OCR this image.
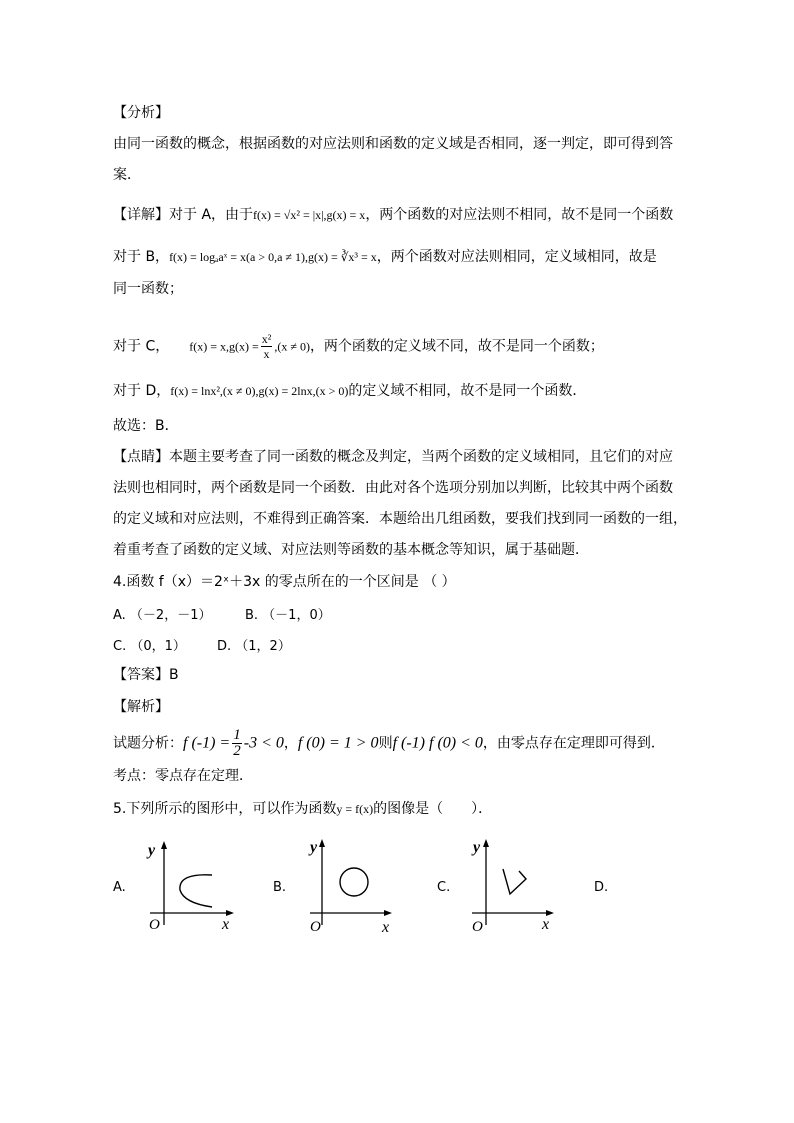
【分析】
由同一函数的概念，根据函数的对应法则和函数的定义域是否相同，逐一判定，即可得到答
案．
【详解】对于 A，由于f(x) = √x² = |x|,g(x) = x，两个函数的对应法则不相同，故不是同一个函数
对于 B，f(x) = logₐaˣ = x(a > 0,a ≠ 1),g(x) = ∛x³ = x，两个函数对应法则相同，定义域相同，故是
同一函数；
对于 C， $f(x) = x,g(x) = \frac{\text{x²}}{x} ,(x \ne 0)$，两个函数的定义域不同，故不是同一个函数；
对于 D，f(x) = lnx²,(x ≠ 0),g(x) = 2lnx,(x > 0)的定义域不相同，故不是同一个函数．
故选：B．
【点睛】本题主要考查了同一函数的概念及判定，当两个函数的定义域相同，且它们的对应
法则也相同时，两个函数是同一个函数．由此对各个选项分别加以判断，比较其中两个函数
的定义域和对应法则，不难得到正确答案．本题给出几组函数，要我们找到同一函数的一组，
着重考查了函数的定义域、对应法则等函数的基本概念等知识，属于基础题．
4.函数 f（x）＝2ˣ＋3x 的零点所在的一个区间是 （ ）
A. （－2，－1）	B. （－1，0）
C. （0，1） D. （1，2）
【答案】B
【解析】
试题分析：f $(-1) = \frac{1}{2} -3 < 0$，f (0) = 1 > 0则f (-1) f (0) < 0，由零点存在定理即可得到．
考点：零点存在定理．
5.下列所示的图形中，可以作为函数y = f(x)的图像是（　　）．
A.	B.	C.	D.
y
x
O
y
x
O
y
x
O
